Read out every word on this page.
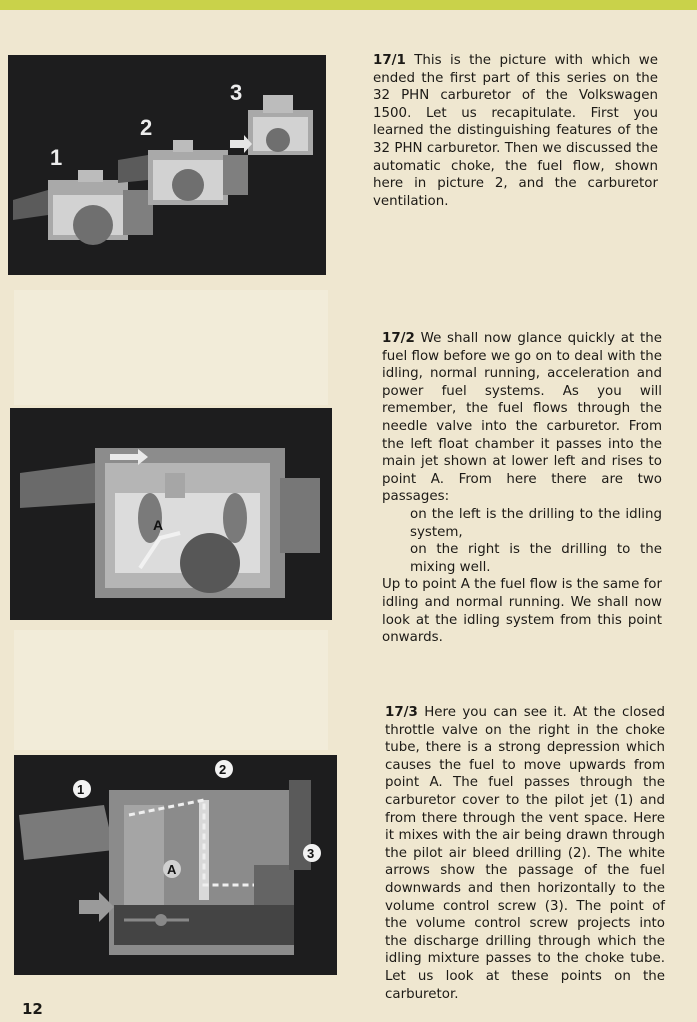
1
2
3
A
1
2
3
A
17/1 This is the picture with which we ended the first part of this series on the 32 PHN carburetor of the Volkswagen 1500. Let us recapitulate. First you learned the distinguishing features of the 32 PHN carburetor. Then we discussed the automatic choke, the fuel flow, shown here in picture 2, and the carburetor ventilation.
17/2 We shall now glance quickly at the fuel flow before we go on to deal with the idling, normal running, acceleration and power fuel systems. As you will remember, the fuel flows through the needle valve into the carburetor. From the left float chamber it passes into the main jet shown at lower left and rises to point A. From here there are two passages:
on the left is the drilling to the idling system,
on the right is the drilling to the mixing well.
Up to point A the fuel flow is the same for idling and normal running. We shall now look at the idling system from this point onwards.
17/3 Here you can see it. At the closed throttle valve on the right in the choke tube, there is a strong depression which causes the fuel to move upwards from point A. The fuel passes through the carburetor cover to the pilot jet (1) and from there through the vent space. Here it mixes with the air being drawn through the pilot air bleed drilling (2). The white arrows show the passage of the fuel downwards and then horizontally to the volume control screw (3). The point of the volume control screw projects into the discharge drilling through which the idling mixture passes to the choke tube. Let us look at these points on the carburetor.
12
